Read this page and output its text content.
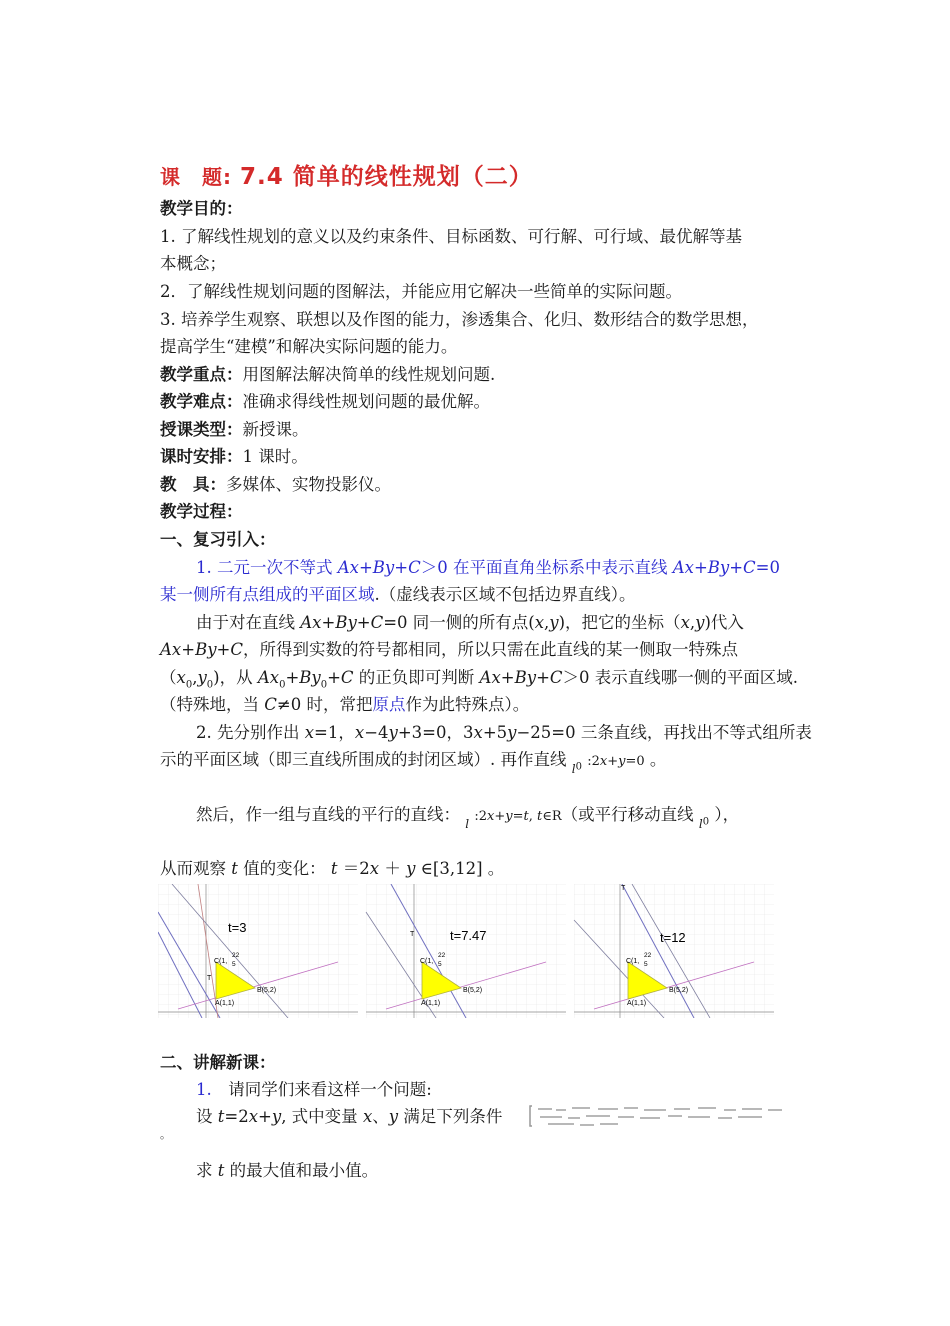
课　题: 7.4 简单的线性规划（二）
教学目的：
1. 了解线性规划的意义以及约束条件、目标函数、可行解、可行域、最优解等基
本概念；
2．了解线性规划问题的图解法，并能应用它解决一些简单的实际问题。
3. 培养学生观察、联想以及作图的能力，渗透集合、化归、数形结合的数学思想，
提高学生“建模”和解决实际问题的能力。
教学重点：用图解法解决简单的线性规划问题.
教学难点：准确求得线性规划问题的最优解。
授课类型：新授课。
课时安排：1 课时。
教　具：多媒体、实物投影仪。
教学过程：
一、复习引入：
1. 二元一次不等式 Ax+By+C＞0 在平面直角坐标系中表示直线 Ax+By+C=0
某一侧所有点组成的平面区域.（虚线表示区域不包括边界直线）。
由于对在直线 Ax+By+C=0 同一侧的所有点(x,y)，把它的坐标（x,y)代入
Ax+By+C，所得到实数的符号都相同，所以只需在此直线的某一侧取一特殊点
$(x_0,y_0)$，从 $Ax_0+By_0+C$ 的正负即可判断 Ax+By+C＞0 表示直线哪一侧的平面区域.
（特殊地，当 C≠0 时，常把原点作为此特殊点）。
2. 先分别作出 x=1，x−4y+3=0，3x+5y−25=0 三条直线，再找出不等式组所表
示的平面区域（即三直线所围成的封闭区域）. 再作直线 $l_0$ :2x+y=0 。
然后，作一组与直线的平行的直线： l :2x+y=t, t∈R（或平行移动直线 $l_0$ ），
从而观察 t 值的变化： t ＝2x ＋ y ∈[3,12] 。
t=3
T
C(1,
22
5
B(5,2)
A(1,1)
t=7.47
T
C(1,
22
5
B(5,2)
A(1,1)
t=12
T
C(1,
22
5
B(5,2)
A(1,1)
二、讲解新课：
1.　 请同学们来看这样一个问题:
设 t=2x+y, 式中变量 x、y 满足下列条件
。
求 t 的最大值和最小值。
